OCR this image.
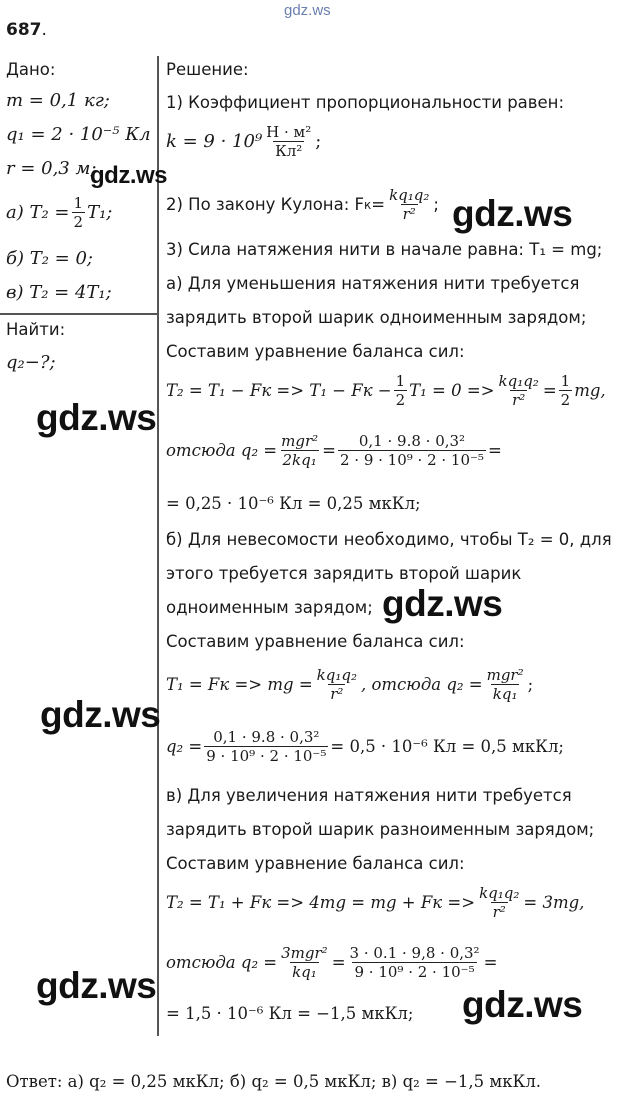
gdz.ws
687.
Дано:
m = 0,1 кг;
q₁ = 2 · 10⁻⁵ Кл
r = 0,3 м;
а) $T_2 = \frac{1}{2} T_1$;
б) T₂ = 0;
в) T₂ = 4T₁;
Найти:
q₂−?;
Решение:
1) Коэффициент пропорциональности равен:
$k = 9 \cdot 10^9 \frac{\text{Н · м²}}{\text{Кл²}}$ ;
2) По закону Кулона: F $к = \frac{\text{kq₁q₂}}{\text{r²}}$ ;
3) Сила натяжения нити в начале равна: T₁ = mg;
а) Для уменьшения натяжения нити требуется
зарядить второй шарик одноименным зарядом;
Составим уравнение баланса сил:
T₂ = T₁ − Fк => T₁ − Fк − $\frac{1}{2} T_1 = 0 => \frac{\text{kq₁q₂}}{\text{r²}} = \frac{1}{2}$ mg,
отсюда $q_2 = \frac{\text{mgr²}}{\text{2kq₁}} = \frac{\text{0,1 · 9.8 · 0,3²}}{\text{2 · 9 · 10⁹ · 2 · 10⁻⁵}}$ =
= 0,25 · 10⁻⁶ Кл = 0,25 мкКл;
б) Для невесомости необходимо, чтобы T₂ = 0, для
этого требуется зарядить второй шарик
одноименным зарядом;
Составим уравнение баланса сил:
T₁ = Fк => mg = $\frac{\text{kq₁q₂}}{\text{r²}}$ , отсюда $q_2 = \frac{\text{mgr²}}{\text{kq₁}}$ ;
$q_2 = \frac{\text{0,1 · 9.8 · 0,3²}}{\text{9 · 10⁹ · 2 · 10⁻⁵}} = 0,5 \cdot 10^{-6}$ Кл = 0,5 мкКл;
в) Для увеличения натяжения нити требуется
зарядить второй шарик разноименным зарядом;
Составим уравнение баланса сил:
T₂ = T₁ + Fк => 4mg = mg + Fк => $\frac{\text{kq₁q₂}}{\text{r²}} = 3mg$,
отсюда $q_2 = \frac{\text{3mgr²}}{\text{kq₁}} = \frac{\text{3 · 0.1 · 9,8 · 0,3²}}{\text{9 · 10⁹ · 2 · 10⁻⁵}}$ =
= 1,5 · 10⁻⁶ Кл = −1,5 мкКл;
Ответ: а) q₂ = 0,25 мкКл; б) q₂ = 0,5 мкКл; в) q₂ = −1,5 мкКл.
gdz.ws
gdz.ws
gdz.ws
gdz.ws
gdz.ws
gdz.ws	gdz.ws
